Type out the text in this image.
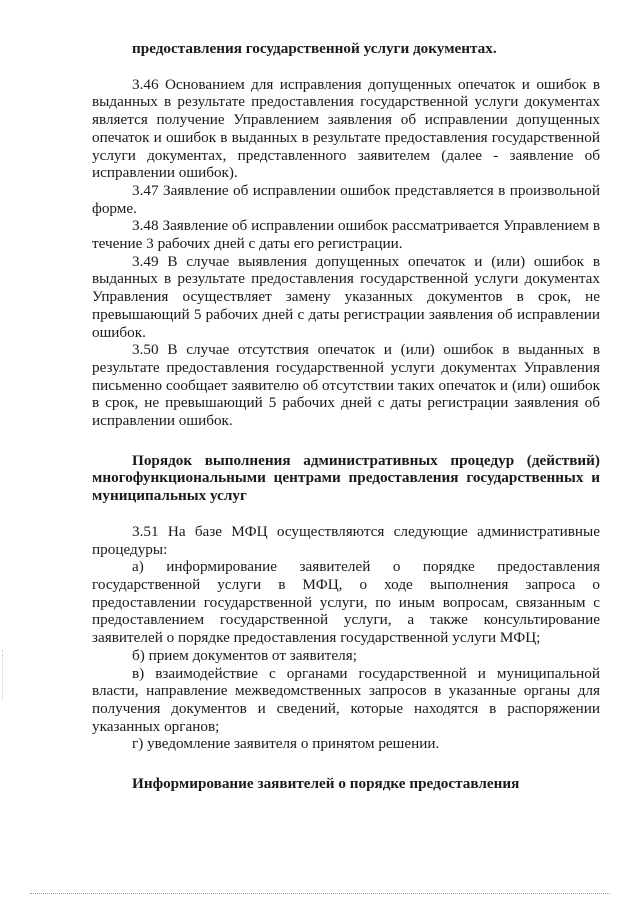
предоставления государственной услуги документах.

3.46 Основанием для исправления допущенных опечаток и ошибок в выданных в результате предоставления государственной услуги документах является получение Управлением заявления об исправлении допущенных опечаток и ошибок в выданных в результате предоставления государственной услуги документах, представленного заявителем (далее - заявление об исправлении ошибок).

3.47 Заявление об исправлении ошибок представляется в произвольной форме.

3.48 Заявление об исправлении ошибок рассматривается Управлением в течение 3 рабочих дней с даты его регистрации.

3.49 В случае выявления допущенных опечаток и (или) ошибок в выданных в результате предоставления государственной услуги документах Управления осуществляет замену указанных документов в срок, не превышающий 5 рабочих дней с даты регистрации заявления об исправлении ошибок.

3.50 В случае отсутствия опечаток и (или) ошибок в выданных в результате предоставления государственной услуги документах Управления письменно сообщает заявителю об отсутствии таких опечаток и (или) ошибок в срок, не превышающий 5 рабочих дней с даты регистрации заявления об исправлении ошибок.

Порядок выполнения административных процедур (действий) многофункциональными центрами предоставления государственных и муниципальных услуг

3.51 На базе МФЦ осуществляются следующие административные процедуры:

а) информирование заявителей о порядке предоставления государственной услуги в МФЦ, о ходе выполнения запроса о предоставлении государственной услуги, по иным вопросам, связанным с предоставлением государственной услуги, а также консультирование заявителей о порядке предоставления государственной услуги МФЦ;

б) прием документов от заявителя;

в) взаимодействие с органами государственной и муниципальной власти, направление межведомственных запросов в указанные органы для получения документов и сведений, которые находятся в распоряжении указанных органов;

г) уведомление заявителя о принятом решении.

Информирование заявителей о порядке предоставления
